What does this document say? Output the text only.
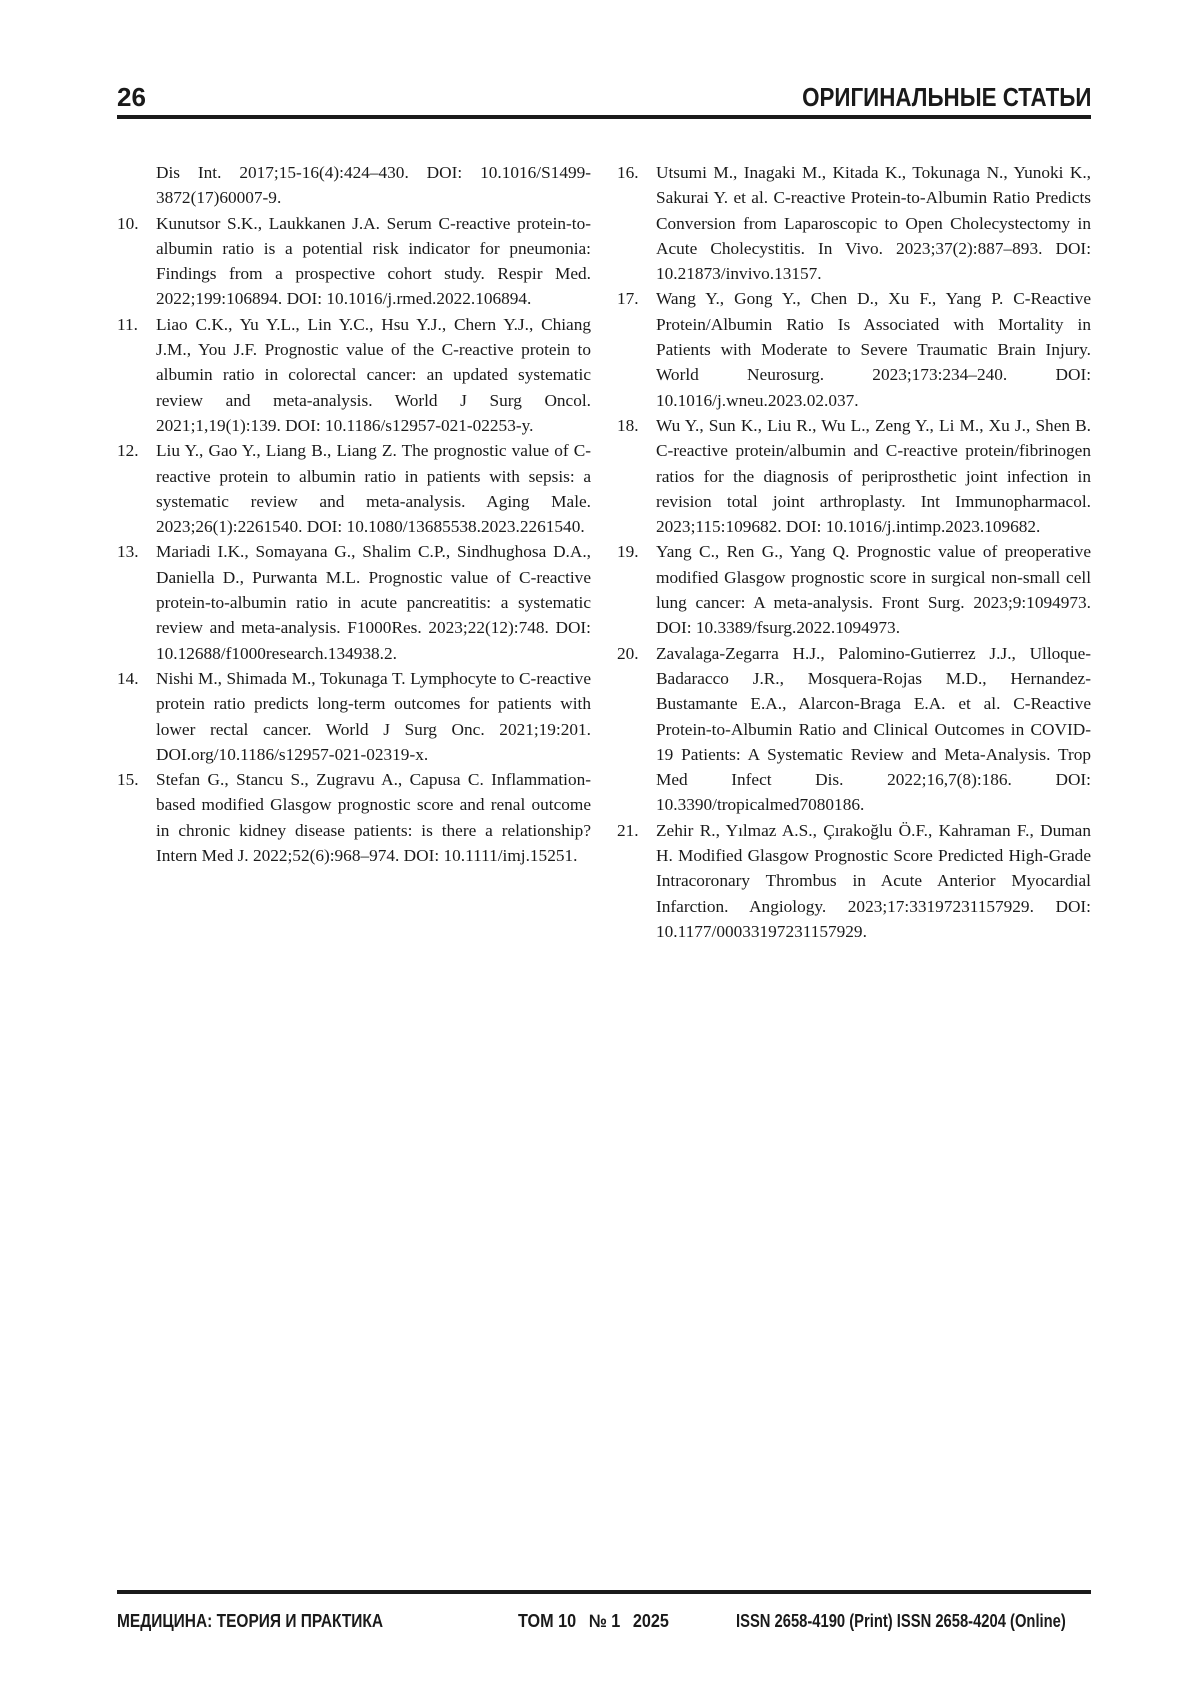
26	ОРИГИНАЛЬНЫЕ СТАТЬИ

Dis Int. 2017;15-16(4):424–430. DOI: 10.1016/S1499-3872(17)60007-9.

10. Kunutsor S.K., Laukkanen J.A. Serum C-reactive protein-to-albumin ratio is a potential risk indicator for pneumonia: Findings from a prospective cohort study. Respir Med. 2022;199:106894. DOI: 10.1016/j.rmed.2022.106894.

11. Liao C.K., Yu Y.L., Lin Y.C., Hsu Y.J., Chern Y.J., Chiang J.M., You J.F. Prognostic value of the C-reactive protein to albumin ratio in colorectal cancer: an updated systematic review and meta-analysis. World J Surg Oncol. 2021;1,19(1):139. DOI: 10.1186/s12957-021-02253-y.

12. Liu Y., Gao Y., Liang B., Liang Z. The prognostic value of C-reactive protein to albumin ratio in patients with sepsis: a systematic review and meta-analysis. Aging Male. 2023;26(1):2261540. DOI: 10.1080/13685538.2023.2261540.

13. Mariadi I.K., Somayana G., Shalim C.P., Sindhughosa D.A., Daniella D., Purwanta M.L. Prognostic value of C-reactive protein-to-albumin ratio in acute pancreatitis: a systematic review and meta-analysis. F1000Res. 2023;22(12):748. DOI: 10.12688/f1000research.134938.2.

14. Nishi M., Shimada M., Tokunaga T. Lymphocyte to C-reactive protein ratio predicts long-term outcomes for patients with lower rectal cancer. World J Surg Onc. 2021;19:201. DOI.org/10.1186/s12957-021-02319-x.

15. Stefan G., Stancu S., Zugravu A., Capusa C. Inflammation-based modified Glasgow prognostic score and renal outcome in chronic kidney disease patients: is there a relationship? Intern Med J. 2022;52(6):968–974. DOI: 10.1111/imj.15251.

16. Utsumi M., Inagaki M., Kitada K., Tokunaga N., Yunoki K., Sakurai Y. et al. C-reactive Protein-to-Albumin Ratio Predicts Conversion from Laparoscopic to Open Cholecystectomy in Acute Cholecystitis. In Vivo. 2023;37(2):887–893. DOI: 10.21873/invivo.13157.

17. Wang Y., Gong Y., Chen D., Xu F., Yang P. C-Reactive Protein/Albumin Ratio Is Associated with Mortality in Patients with Moderate to Severe Traumatic Brain Injury. World Neurosurg. 2023;173:234–240. DOI: 10.1016/j.wneu.2023.02.037.

18. Wu Y., Sun K., Liu R., Wu L., Zeng Y., Li M., Xu J., Shen B. C-reactive protein/albumin and C-reactive protein/fibrinogen ratios for the diagnosis of periprosthetic joint infection in revision total joint arthroplasty. Int Immunopharmacol. 2023;115:109682. DOI: 10.1016/j.intimp.2023.109682.

19. Yang C., Ren G., Yang Q. Prognostic value of preoperative modified Glasgow prognostic score in surgical non-small cell lung cancer: A meta-analysis. Front Surg. 2023;9:1094973. DOI: 10.3389/fsurg.2022.1094973.

20. Zavalaga-Zegarra H.J., Palomino-Gutierrez J.J., Ulloque-Badaracco J.R., Mosquera-Rojas M.D., Hernandez-Bustamante E.A., Alarcon-Braga E.A. et al. C-Reactive Protein-to-Albumin Ratio and Clinical Outcomes in COVID-19 Patients: A Systematic Review and Meta-Analysis. Trop Med Infect Dis. 2022;16,7(8):186. DOI: 10.3390/tropicalmed7080186.

21. Zehir R., Yılmaz A.S., Çırakoğlu Ö.F., Kahraman F., Duman H. Modified Glasgow Prognostic Score Predicted High-Grade Intracoronary Thrombus in Acute Anterior Myocardial Infarction. Angiology. 2023;17:33197231157929. DOI: 10.1177/00033197231157929.

МЕДИЦИНА: ТЕОРИЯ И ПРАКТИКА	ТОМ 10 № 1 2025	ISSN 2658-4190 (Print) ISSN 2658-4204 (Online)
